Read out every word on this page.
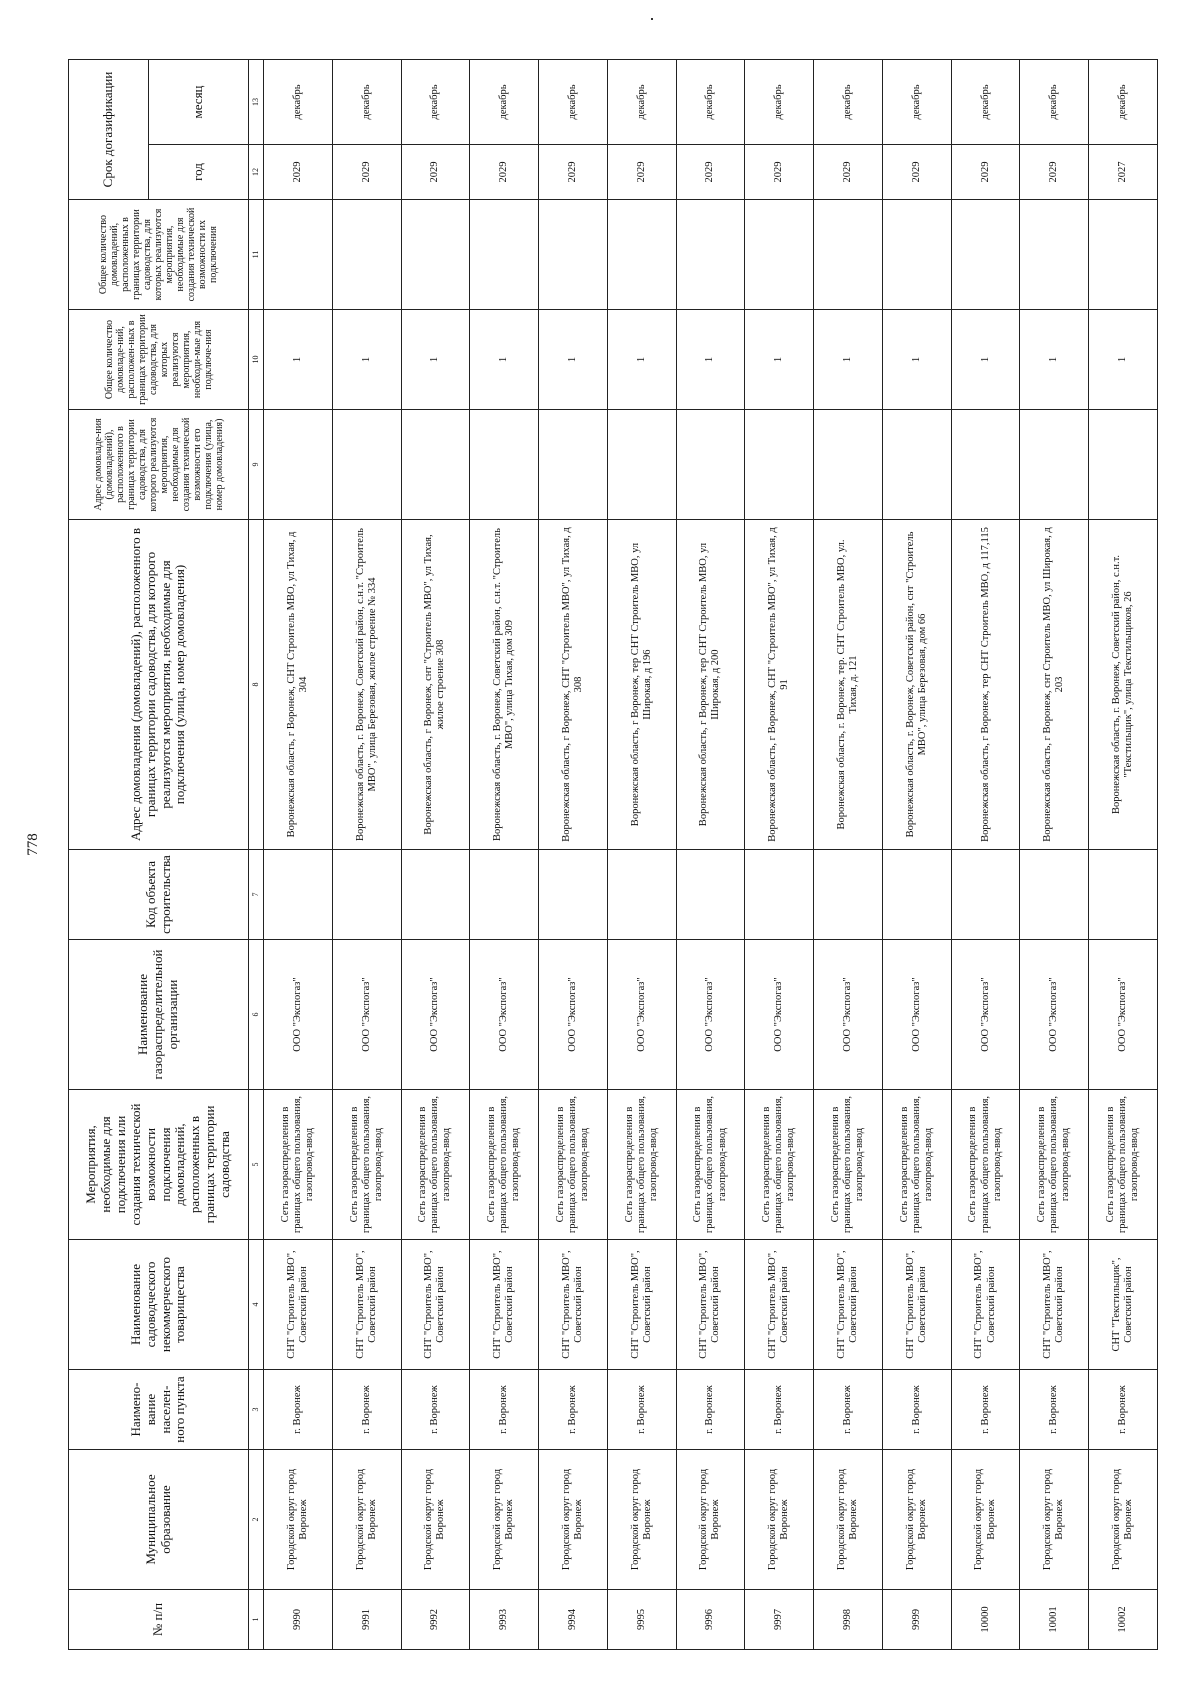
778
№ п/п	Муниципальное образование	Наимено-вание населен-ного пункта	Наименование садоводческого некоммерческого товарищества	Мероприятия, необходимые для подключения или создания технической возможности подключения домовладений, расположенных в границах территории садоводства	Наименование газораспределительной организации	Код объекта строительства	Адрес домовладения (домовладений), расположенного в границах территории садоводства, для которого реализуются мероприятия, необходимые для подключения (улица, номер домовладения)	Адрес домовладе-ния (домовладений), расположенного в границах территории садоводства, для которого реализуются мероприятия, необходимые для создания технической возможности его подключения (улица, номер домовладения)	Общее количество домовладе-ний, расположен-ных в границах территории садоводства, для которых реализуются мероприятия, необходи-мые для подключе-ния	Общее количество домовладений, расположенных в границах территории садоводства, для которых реализуются мероприятия, необходимые для создания технической возможности их подключения	Срок догазификации	
											год	месяц
1	2	3	4	5	6	7	8	9	10	11	12	13
9990	Городской округ город Воронеж	г. Воронеж	СНТ "Строитель МВО", Советский район	Сеть газораспределения в границах общего пользования, газопровод-ввод	ООО "Экспогаз"		Воронежская область, г Воронеж, СНТ Строитель МВО, ул Тихая, д 304		1		2029	декабрь
9991	Городской округ город Воронеж	г. Воронеж	СНТ "Строитель МВО", Советский район	Сеть газораспределения в границах общего пользования, газопровод-ввод	ООО "Экспогаз"		Воронежская область, г. Воронеж, Советский район, с.н.т. "Строитель МВО", улица Березовая, жилое строение № 334		1		2029	декабрь
9992	Городской округ город Воронеж	г. Воронеж	СНТ "Строитель МВО", Советский район	Сеть газораспределения в границах общего пользования, газопровод-ввод	ООО "Экспогаз"		Воронежская область, г Воронеж, снт "Строитель МВО", ул Тихая, жилое строение 308		1		2029	декабрь
9993	Городской округ город Воронеж	г. Воронеж	СНТ "Строитель МВО", Советский район	Сеть газораспределения в границах общего пользования, газопровод-ввод	ООО "Экспогаз"		Воронежская область, г. Воронеж, Советский район, с.н.т. "Строитель МВО", улица Тихая, дом 309		1		2029	декабрь
9994	Городской округ город Воронеж	г. Воронеж	СНТ "Строитель МВО", Советский район	Сеть газораспределения в границах общего пользования, газопровод-ввод	ООО "Экспогаз"		Воронежская область, г Воронеж, СНТ "Строитель МВО", ул Тихая, д 308		1		2029	декабрь
9995	Городской округ город Воронеж	г. Воронеж	СНТ "Строитель МВО", Советский район	Сеть газораспределения в границах общего пользования, газопровод-ввод	ООО "Экспогаз"		Воронежская область, г Воронеж, тер СНТ Строитель МВО, ул Широкая, д 196		1		2029	декабрь
9996	Городской округ город Воронеж	г. Воронеж	СНТ "Строитель МВО", Советский район	Сеть газораспределения в границах общего пользования, газопровод-ввод	ООО "Экспогаз"		Воронежская область, г Воронеж, тер СНТ Строитель МВО, ул Широкая, д 200		1		2029	декабрь
9997	Городской округ город Воронеж	г. Воронеж	СНТ "Строитель МВО", Советский район	Сеть газораспределения в границах общего пользования, газопровод-ввод	ООО "Экспогаз"		Воронежская область, г Воронеж, СНТ "Строитель МВО", ул Тихая, д 91		1		2029	декабрь
9998	Городской округ город Воронеж	г. Воронеж	СНТ "Строитель МВО", Советский район	Сеть газораспределения в границах общего пользования, газопровод-ввод	ООО "Экспогаз"		Воронежская область, г. Воронеж, тер. СНТ Строитель МВО, ул. Тихая, д. 121		1		2029	декабрь
9999	Городской округ город Воронеж	г. Воронеж	СНТ "Строитель МВО", Советский район	Сеть газораспределения в границах общего пользования, газопровод-ввод	ООО "Экспогаз"		Воронежская область, г. Воронеж, Советский район, снт "Строитель МВО", улица Березовая, дом 66		1		2029	декабрь
10000	Городской округ город Воронеж	г. Воронеж	СНТ "Строитель МВО", Советский район	Сеть газораспределения в границах общего пользования, газопровод-ввод	ООО "Экспогаз"		Воронежская область, г Воронеж, тер СНТ Строитель МВО, д 117,115		1		2029	декабрь
10001	Городской округ город Воронеж	г. Воронеж	СНТ "Строитель МВО", Советский район	Сеть газораспределения в границах общего пользования, газопровод-ввод	ООО "Экспогаз"		Воронежская область, г Воронеж, снт Строитель МВО, ул Широкая, д 203		1		2029	декабрь
10002	Городской округ город Воронеж	г. Воронеж	СНТ "Текстильщик", Советский район	Сеть газораспределения в границах общего пользования, газопровод-ввод	ООО "Экспогаз"		Воронежская область, г. Воронеж, Советский район, с.н.т. "Текстильщик", улица Текстильщиков, 26		1		2027	декабрь
